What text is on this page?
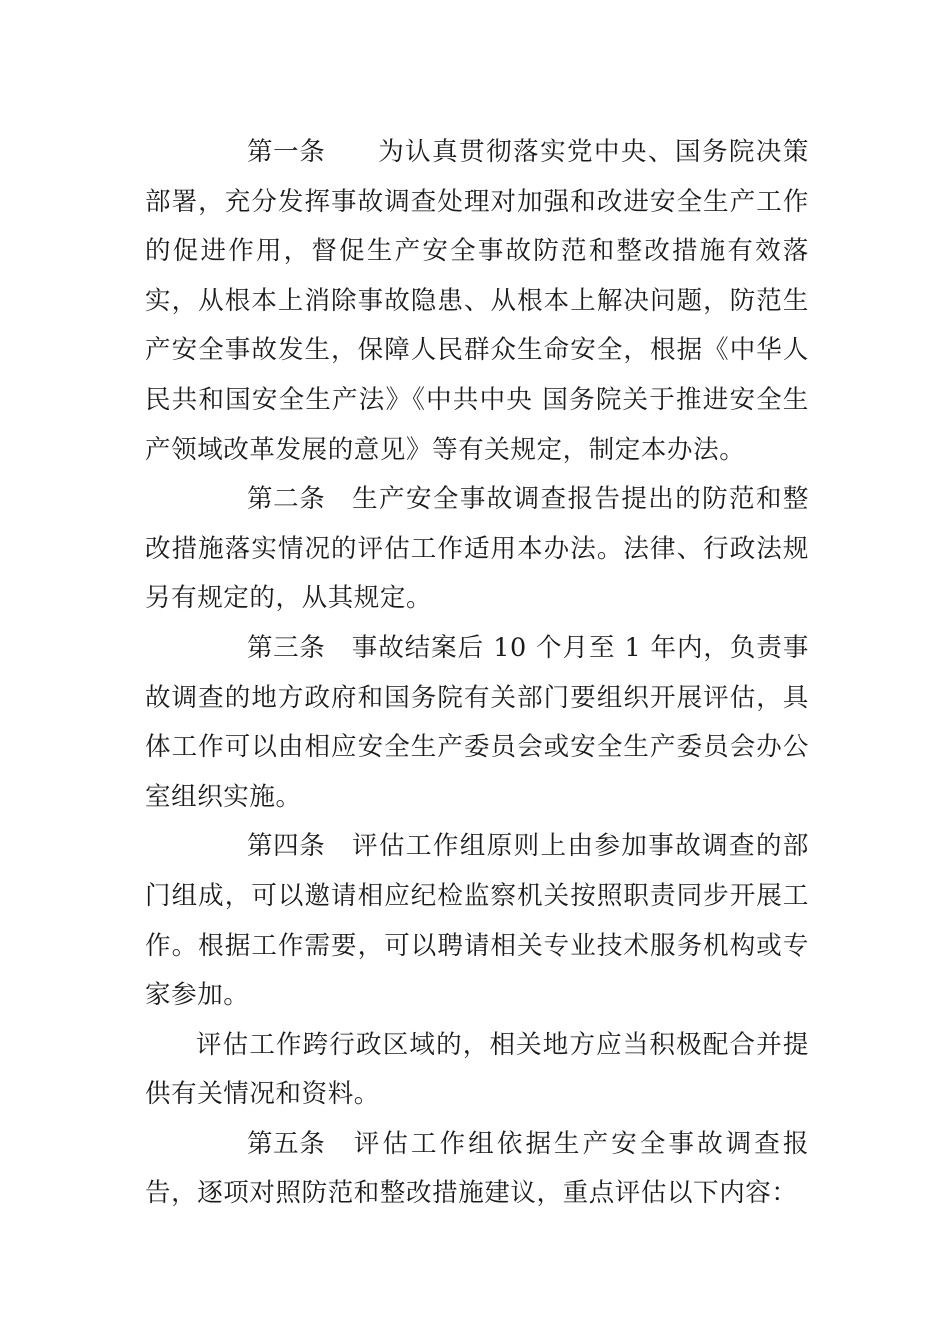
第一条 为认真贯彻落实党中央、国务院决策部署，充分发挥事故调查处理对加强和改进安全生产工作的促进作用，督促生产安全事故防范和整改措施有效落实，从根本上消除事故隐患、从根本上解决问题，防范生产安全事故发生，保障人民群众生命安全，根据《中华人民共和国安全生产法》《中共中央 国务院关于推进安全生产领域改革发展的意见》等有关规定，制定本办法。

第二条 生产安全事故调查报告提出的防范和整改措施落实情况的评估工作适用本办法。法律、行政法规另有规定的，从其规定。

第三条 事故结案后 10 个月至 1 年内，负责事故调查的地方政府和国务院有关部门要组织开展评估，具体工作可以由相应安全生产委员会或安全生产委员会办公室组织实施。

第四条 评估工作组原则上由参加事故调查的部门组成，可以邀请相应纪检监察机关按照职责同步开展工作。根据工作需要，可以聘请相关专业技术服务机构或专家参加。

评估工作跨行政区域的，相关地方应当积极配合并提供有关情况和资料。

第五条 评估工作组依据生产安全事故调查报告，逐项对照防范和整改措施建议，重点评估以下内容：
